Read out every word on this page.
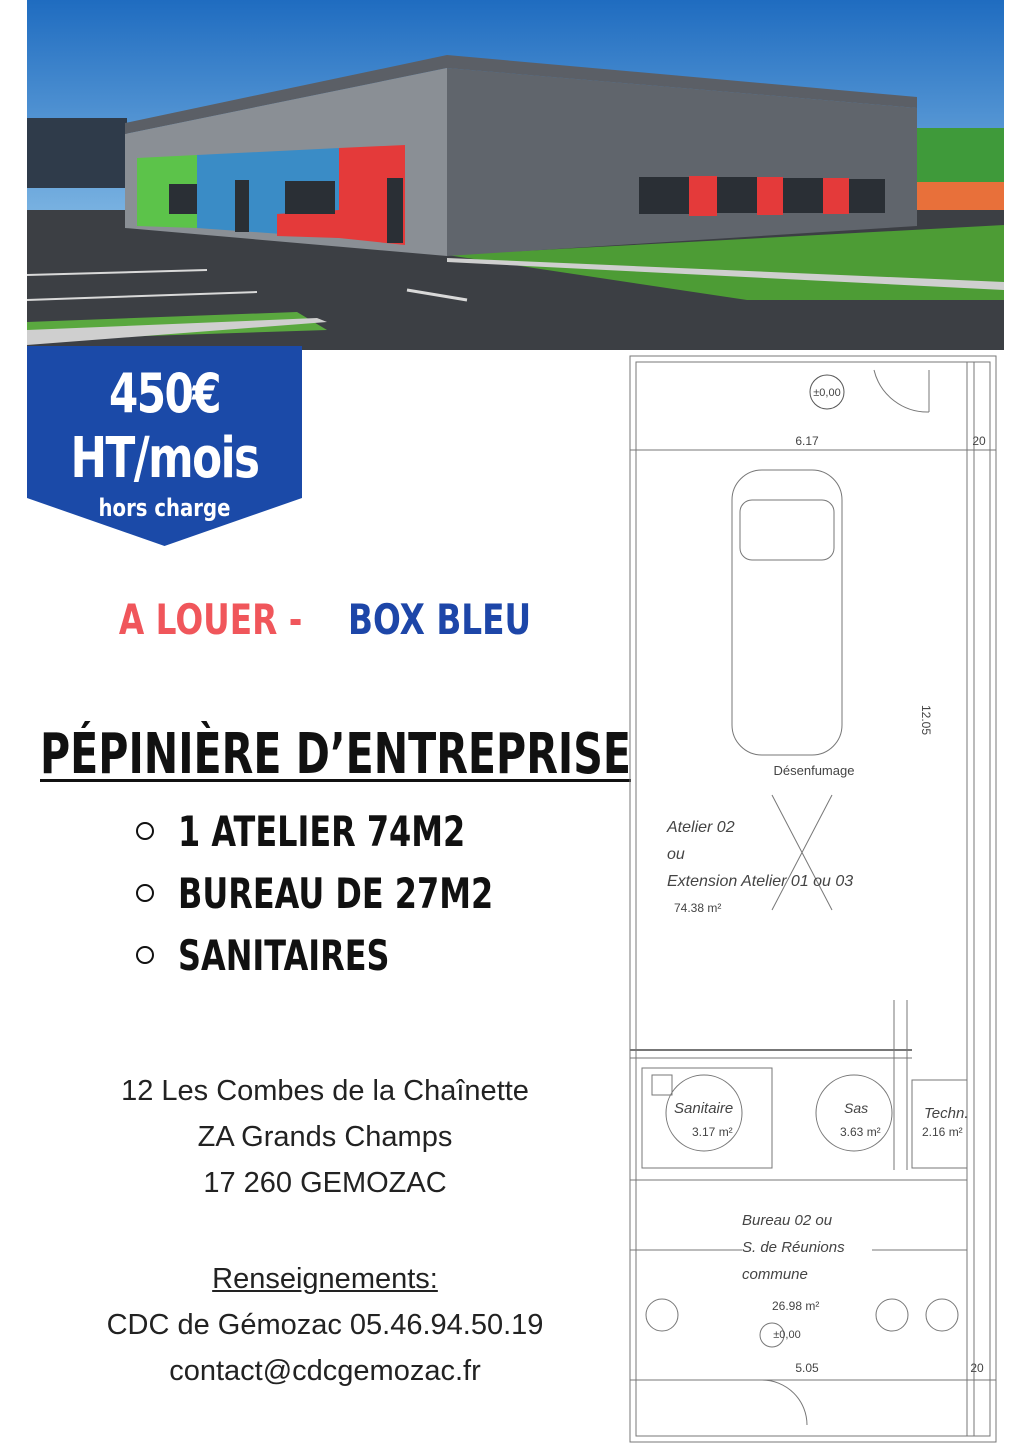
450€
HT/mois
hors charge
A LOUER - BOX BLEU
PÉPINIÈRE D’ENTREPRISE
1 ATELIER 74M2
BUREAU DE 27M2
SANITAIRES
12 Les Combes de la Chaînette
ZA Grands Champs
17 260 GEMOZAC
Renseignements:
CDC de Gémozac 05.46.94.50.19
contact@cdcgemozac.fr
±0,00
6.17	20
12.05
Désenfumage
Atelier 02
ou
Extension Atelier 01 ou 03
74.38 m²
Sanitaire
3.17 m²
Sas
3.63 m²
Techn.
2.16 m²
Bureau 02 ou
S. de Réunions
commune
26.98 m²
±0,00
5.05	20
